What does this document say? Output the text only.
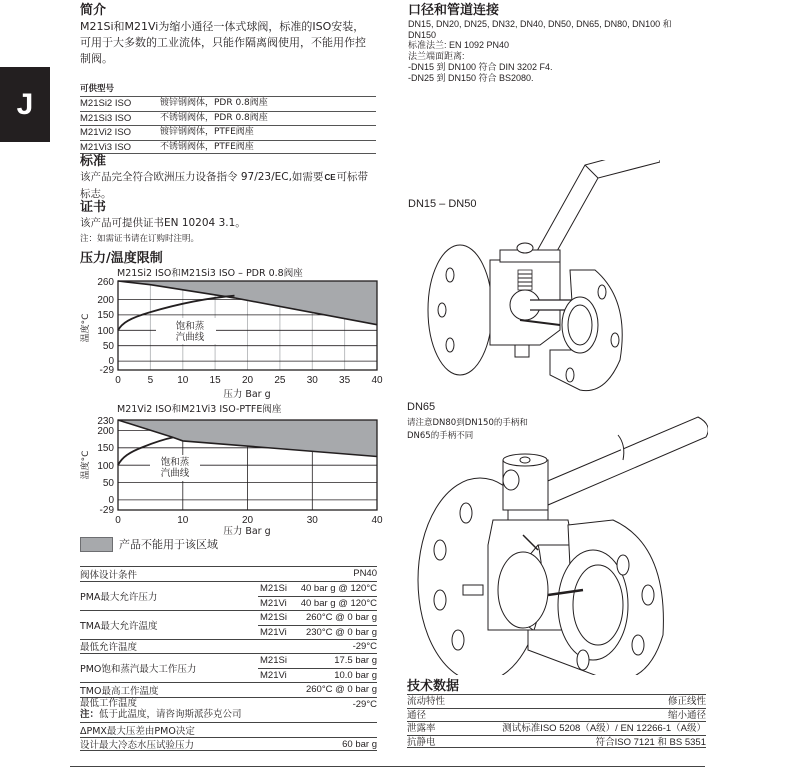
J
简介
M21Si和M21Vi为缩小通径一体式球阀，标准的ISO安装，
可用于大多数的工业流体，只能作隔离阀使用，不能用作控
制阀。
可供型号
M21Si2 ISO	镀锌钢阀体，PDR 0.8阀座
M21Si3 ISO	不锈钢阀体，PDR 0.8阀座
M21Vi2 ISO	镀锌钢阀体，PTFE阀座
M21Vi3 ISO	不锈钢阀体，PTFE阀座
标准
该产品完全符合欧洲压力设备指令 97/23/EC,如需要CE可标带
标志。
证书
该产品可提供证书EN 10204 3.1。
注：如需证书请在订购时注明。
压力/温度限制
M21Si2 ISO和M21Si3 ISO – PDR 0.8阀座
饱和蒸
汽曲线
260
200
150
100
50
0
-29
0	5 10 15 20 25 30 35 40
压力 Bar g
温度°C
M21Vi2 ISO和M21Vi3 ISO-PTFE阀座
饱和蒸
汽曲线
230
200
150
100
50
0
-29
0	10	20	30	40
压力 Bar g
温度°C
产品不能用于该区域
阀体设计条件	PN40
PMA最大允许压力
M21Si	40 bar g @ 120°C
M21Vi	40 bar g @ 120°C
TMA最大允许温度
M21Si	260°C @ 0 bar g
M21Vi	230°C @ 0 bar g
最低允许温度	-29°C
PMO饱和蒸汽最大工作压力
M21Si	17.5 bar g
M21Vi	10.0 bar g
TMO最高工作温度	260°C @ 0 bar g
最低工作温度
注：低于此温度，请咨询斯派莎克公司
-29°C
ΔPMX最大压差由PMO决定
设计最大冷态水压试验压力	60 bar g
口径和管道连接
DN15, DN20, DN25, DN32, DN40, DN50, DN65, DN80, DN100 和
DN150
标准法兰: EN 1092 PN40
法兰端面距离:
-DN15 到 DN100 符合 DIN 3202 F4.
-DN25 到 DN150 符合 BS2080.
DN15 – DN50
DN65
请注意DN80到DN150的手柄和
DN65的手柄不同
技术数据
流动特性	修正线性
通径	缩小通径
泄露率	测试标准ISO 5208（A级）/ EN 12266-1（A级）
抗静电	符合ISO 7121 和 BS 5351
